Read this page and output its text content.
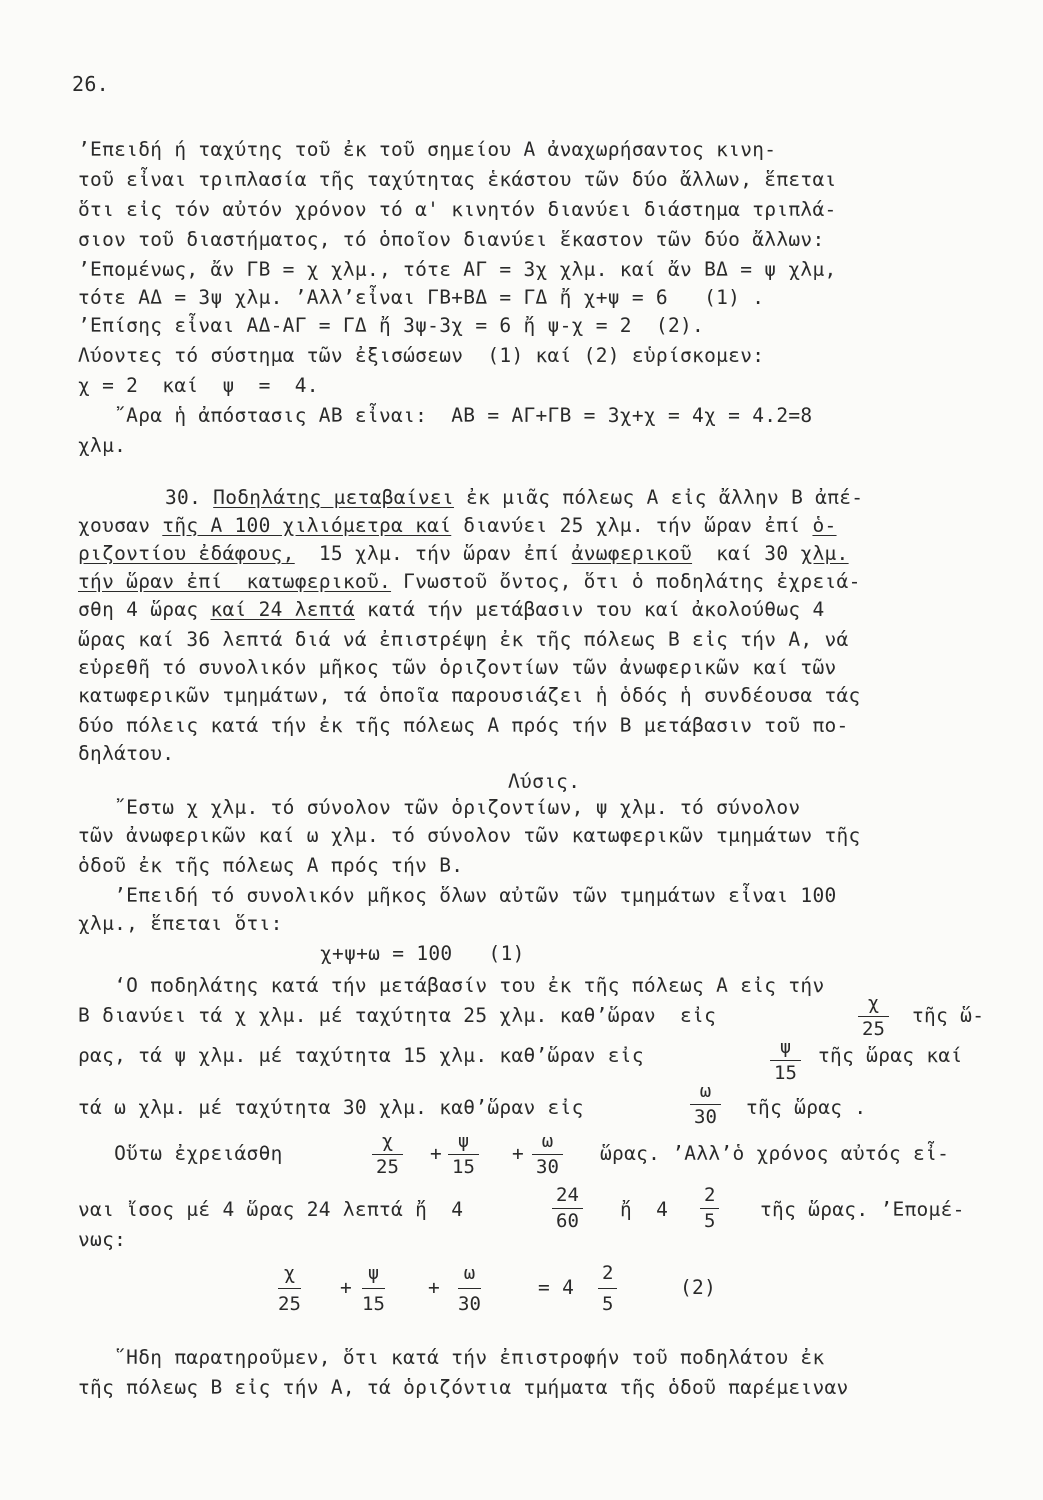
26.
’Επειδή ή ταχύτης τοῦ ἐκ τοῦ σημείου Α ἀναχωρήσαντος κινη-
τοῦ εἶναι τριπλασία τῆς ταχύτητας ἑκάστου τῶν δύο ἄλλων, ἕπεται
ὅτι εἰς τόν αὐτόν χρόνον τό α' κινητόν διανύει διάστημα τριπλά-
σιον τοῦ διαστήματος, τό ὁποῖον διανύει ἕκαστον τῶν δύο ἄλλων:
’Επομένως, ἄν ΓΒ = χ χλμ., τότε ΑΓ = 3χ χλμ. καί ἄν ΒΔ = ψ χλμ,
τότε ΑΔ = 3ψ χλμ. ’Αλλ’εἶναι ΓΒ+ΒΔ = ΓΔ ἤ χ+ψ = 6   (1) .
’Επίσης εἶναι ΑΔ-ΑΓ = ΓΔ ἤ 3ψ-3χ = 6 ἤ ψ-χ = 2  (2).
Λύοντες τό σύστημα τῶν ἐξισώσεων  (1) καί (2) εὑρίσκομεν:
χ = 2  καί  ψ  =  4.
῎Αρα ἡ ἀπόστασις ΑΒ εἶναι:  ΑΒ = ΑΓ+ΓΒ = 3χ+χ = 4χ = 4.2=8
χλμ.
30. Ποδηλάτης μεταβαίνει ἐκ μιᾶς πόλεως Α εἰς ἄλλην Β ἀπέ-
χουσαν τῆς Α 100 χιλιόμετρα καί διανύει 25 χλμ. τήν ὥραν ἐπί ὁ-
ριζοντίου ἐδάφους,  15 χλμ. τήν ὥραν ἐπί ἀνωφερικοῦ  καί 30 χλμ.
τήν ὥραν ἐπί  κατωφερικοῦ. Γνωστοῦ ὄντος, ὅτι ὁ ποδηλάτης ἐχρειά-
σθη 4 ὥρας καί 24 λεπτά κατά τήν μετάβασιν του καί ἀκολούθως 4
ὥρας καί 36 λεπτά διά νά ἐπιστρέψη ἐκ τῆς πόλεως Β εἰς τήν Α, νά
εὑρεθῆ τό συνολικόν μῆκος τῶν ὁριζοντίων τῶν ἀνωφερικῶν καί τῶν
κατωφερικῶν τμημάτων, τά ὁποῖα παρουσιάζει ἡ ὁδός ἡ συνδέουσα τάς
δύο πόλεις κατά τήν ἐκ τῆς πόλεως Α πρός τήν Β μετάβασιν τοῦ πο-
δηλάτου.
Λύσις.
῎Εστω χ χλμ. τό σύνολον τῶν ὁριζοντίων, ψ χλμ. τό σύνολον
τῶν ἀνωφερικῶν καί ω χλμ. τό σύνολον τῶν κατωφερικῶν τμημάτων τῆς
ὁδοῦ ἐκ τῆς πόλεως Α πρός τήν Β.
’Επειδή τό συνολικόν μῆκος ὅλων αὐτῶν τῶν τμημάτων εἶναι 100
χλμ., ἕπεται ὅτι:
χ+ψ+ω = 100   (1)
‘Ο ποδηλάτης κατά τήν μετάβασίν του ἐκ τῆς πόλεως Α εἰς τήν
Β διανύει τά χ χλμ. μέ ταχύτητα 25 χλμ. καθ’ὥραν  εἰς	$\frac{\chi}{25}$ τῆς ὥ-
ρας, τά ψ χλμ. μέ ταχύτητα 15 χλμ. καθ’ὥραν εἰς	$\frac{\psi}{15}$ τῆς ὥρας καί
τά ω χλμ. μέ ταχύτητα 30 χλμ. καθ’ὥραν εἰς	$\frac{\omega}{30}$ τῆς ὥρας .
Οὕτω ἐχρειάσθη	$\frac{\chi}{25} + \frac{\psi}{15} + \frac{\omega}{30}$ ὥρας. ’Αλλ’ὁ χρόνος αὐτός εἶ-
ναι ἴσος μέ 4 ὥρας 24 λεπτά ἤ  4	$\frac{24}{60}$ ἤ  $4 \frac{2}{5}$ τῆς ὥρας. ’Επομέ-
νως:
χ
25
+
ψ
15
+
ω
30
= 4
2
5
(2)
῞Ηδη παρατηροῦμεν, ὅτι κατά τήν ἐπιστροφήν τοῦ ποδηλάτου ἐκ
τῆς πόλεως Β εἰς τήν Α, τά ὁριζόντια τμήματα τῆς ὁδοῦ παρέμειναν
